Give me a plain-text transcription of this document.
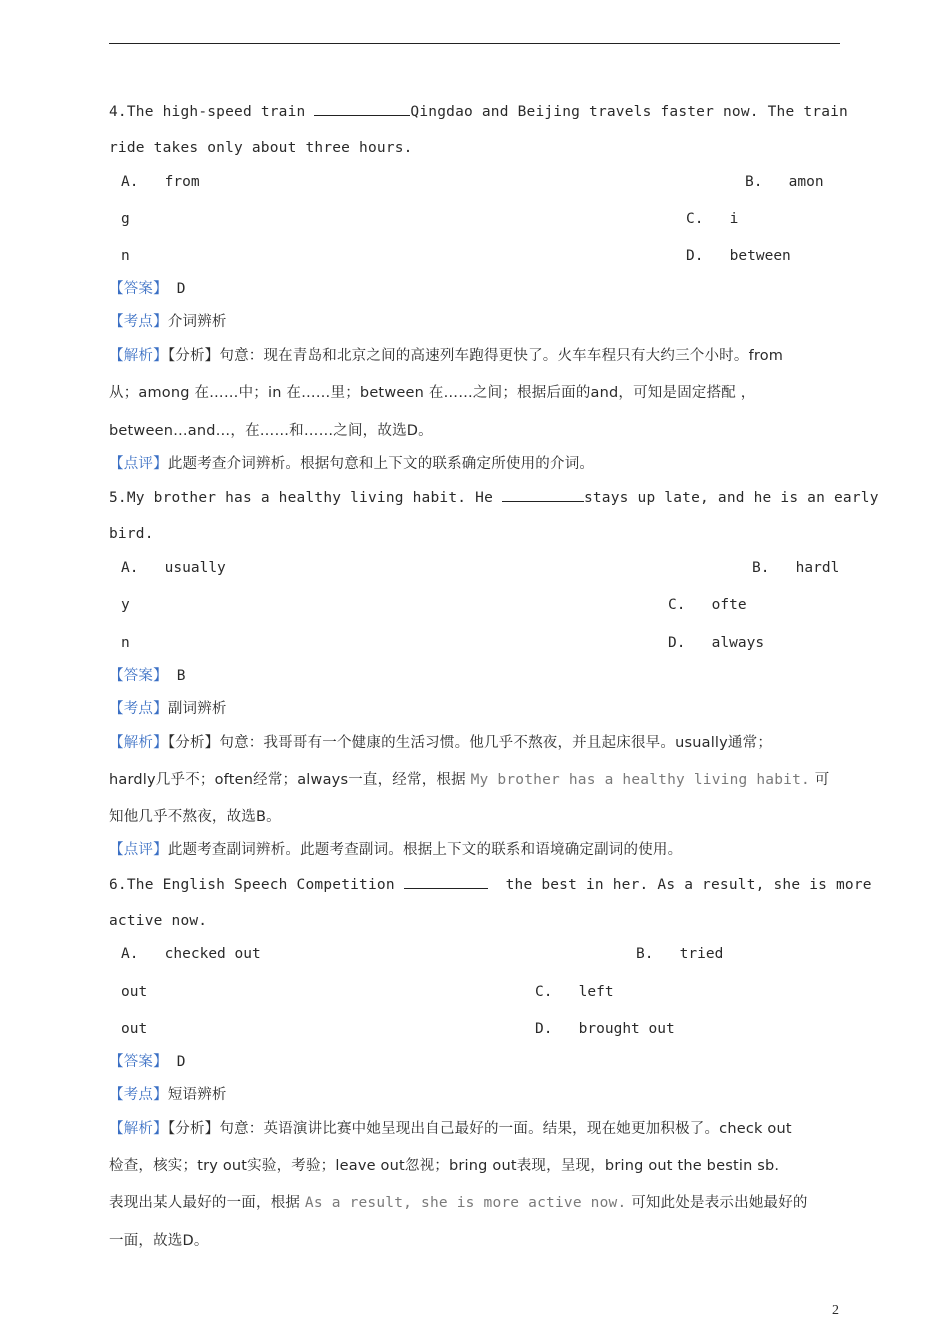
4.The high-speed train	Qingdao and Beijing travels faster now. The train
ride takes only about three hours.
A. from	B. amon
g	C. i
n	D. between
【答案】 D
【考点】介词辨析
【解析】【分析】句意：现在青岛和北京之间的高速列车跑得更快了。火车车程只有大约三个小时。from
从；among 在……中；in 在……里；between 在……之间；根据后面的and，可知是固定搭配 ，
between…and…，在……和……之间，故选D。
【点评】此题考查介词辨析。根据句意和上下文的联系确定所使用的介词。
5.My brother has a healthy living habit. He	stays up late, and he is an early
bird.
A. usually	B. hardl
y	C. ofte
n	D. always
【答案】 B
【考点】副词辨析
【解析】【分析】句意：我哥哥有一个健康的生活习惯。他几乎不熬夜，并且起床很早。usually通常；
hardly几乎不；often经常；always一直，经常，根据 My brother has a healthy living habit. 可
知他几乎不熬夜，故选B。
【点评】此题考查副词辨析。此题考查副词。根据上下文的联系和语境确定副词的使用。
6.The English Speech Competition	the best in her. As a result, she is more
active now.
A. checked out	B. tried
out	C. left
out	D. brought out
【答案】 D
【考点】短语辨析
【解析】【分析】句意：英语演讲比赛中她呈现出自己最好的一面。结果，现在她更加积极了。check out
检查，核实；try out实验，考验；leave out忽视；bring out表现，呈现，bring out the bestin sb.
表现出某人最好的一面，根据 As a result, she is more active now. 可知此处是表示出她最好的
一面，故选D。
2
